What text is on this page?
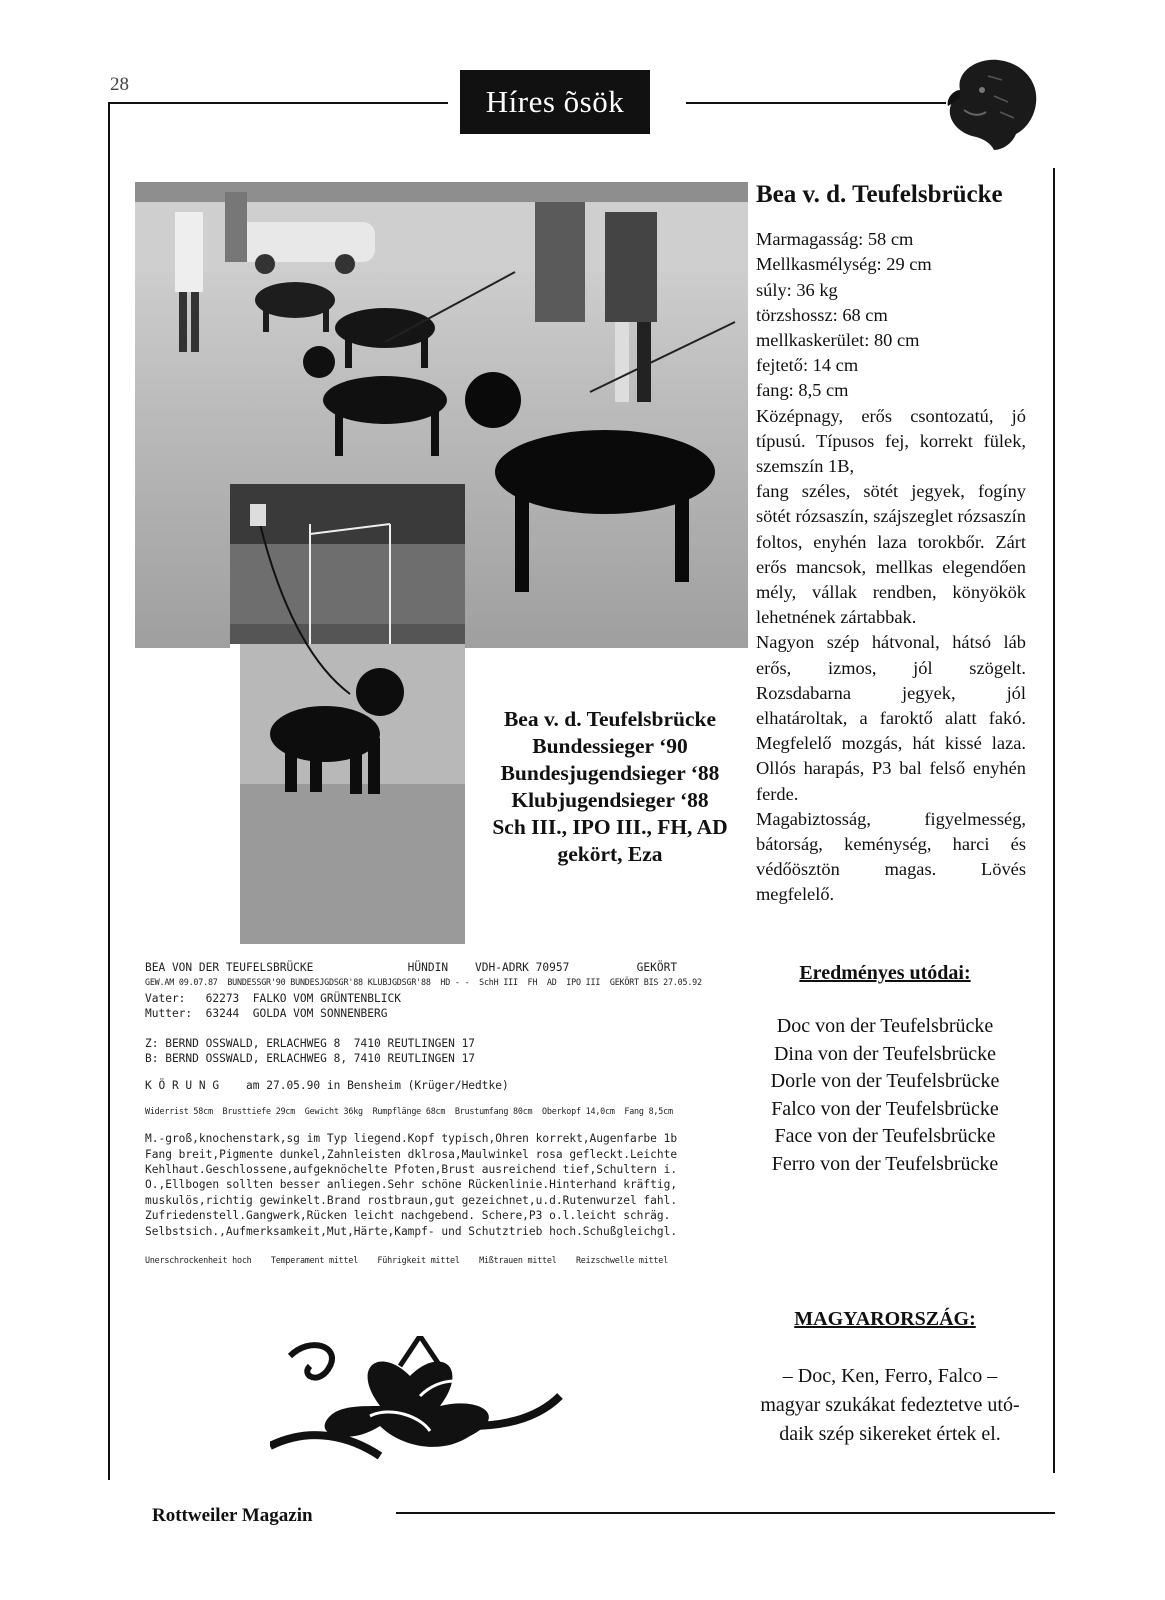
28	Híres õsök
Bea v. d. Teufelsbrücke
Bundessieger ‘90
Bundesjugendsieger ‘88
Klubjugendsieger ‘88
Sch III., IPO III., FH, AD
gekört, Eza
Bea v. d. Teufelsbrücke
Marmagasság: 58 cm
Mellkasmélység: 29 cm
súly: 36 kg
törzshossz: 68 cm
mellkaskerület: 80 cm
fejtető: 14 cm
fang: 8,5 cm

Középnagy, erős csontozatú, jó típusú. Típusos fej, korrekt fülek, szemszín 1B,

fang széles, sötét jegyek, fogíny sötét rózsaszín, szájszeglet rózsaszín foltos, enyhén laza torokbőr. Zárt erős mancsok, mellkas elegendően mély, vállak rendben, könyökök lehetnének zártabbak.

Nagyon szép hátvonal, hátsó láb erős, izmos, jól szögelt. Rozsdabarna jegyek, jól elhatároltak, a faroktő alatt fakó. Megfelelő mozgás, hát kissé laza. Ollós harapás, P3 bal felső enyhén ferde.

Magabiztosság, figyelmesség, bátorság, keménység, harci és védőösztön magas. Lövés megfelelő.

BEA VON DER TEUFELSBRÜCKE              HÜNDIN    VDH-ADRK 70957          GEKÖRT
GEW.AM 09.07.87  BUNDESSGR'90 BUNDESJGDSGR'88 KLUBJGDSGR'88  HD - -  SchH III  FH  AD  IPO III  GEKÖRT BIS 27.05.92
Vater:   62273  FALKO VOM GRÜNTENBLICK
Mutter:  63244  GOLDA VOM SONNENBERG
Z: BERND OSSWALD, ERLACHWEG 8  7410 REUTLINGEN 17
B: BERND OSSWALD, ERLACHWEG 8, 7410 REUTLINGEN 17
K Ö R U N G    am 27.05.90 in Bensheim (Krüger/Hedtke)
Widerrist 58cm  Brusttiefe 29cm  Gewicht 36kg  Rumpflänge 68cm  Brustumfang 80cm  Oberkopf 14,0cm  Fang 8,5cm
M.-groß,knochenstark,sg im Typ liegend.Kopf typisch,Ohren korrekt,Augenfarbe 1b
Fang breit,Pigmente dunkel,Zahnleisten dklrosa,Maulwinkel rosa gefleckt.Leichte
Kehlhaut.Geschlossene,aufgeknöchelte Pfoten,Brust ausreichend tief,Schultern i.
O.,Ellbogen sollten besser anliegen.Sehr schöne Rückenlinie.Hinterhand kräftig,
muskulös,richtig gewinkelt.Brand rostbraun,gut gezeichnet,u.d.Rutenwurzel fahl.
Zufriedenstell.Gangwerk,Rücken leicht nachgebend. Schere,P3 o.l.leicht schräg.
Selbstsich.,Aufmerksamkeit,Mut,Härte,Kampf- und Schutztrieb hoch.Schußgleichgl.
Unerschrockenheit hoch    Temperament mittel    Führigkeit mittel    Mißtrauen mittel    Reizschwelle mittel
Eredményes utódai:
Doc von der Teufelsbrücke
Dina von der Teufelsbrücke
Dorle von der Teufelsbrücke
Falco von der Teufelsbrücke
Face von der Teufelsbrücke
Ferro von der Teufelsbrücke
MAGYARORSZÁG:
– Doc, Ken, Ferro, Falco –
magyar szukákat fedeztetve utó-
daik szép sikereket értek el.
Rottweiler Magazin
